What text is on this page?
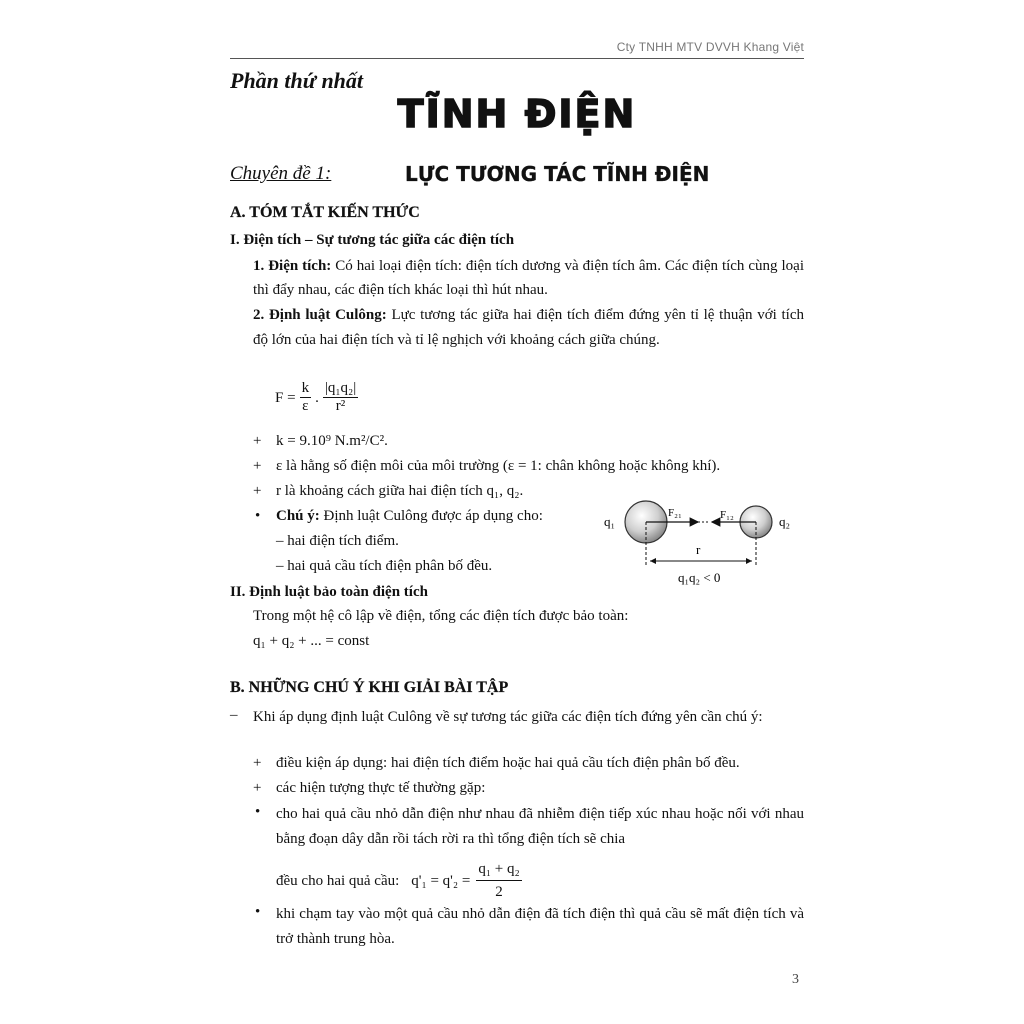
Cty TNHH MTV DVVH Khang Việt
Phần thứ nhất
TĨNH ĐIỆN
Chuyên đề 1:	LỰC TƯƠNG TÁC TĨNH ĐIỆN
A. TÓM TẮT KIẾN THỨC
I. Điện tích – Sự tương tác giữa các điện tích
1. Điện tích: Có hai loại điện tích: điện tích dương và điện tích âm. Các điện tích cùng loại thì đẩy nhau, các điện tích khác loại thì hút nhau.
2. Định luật Culông: Lực tương tác giữa hai điện tích điểm đứng yên tỉ lệ thuận với tích độ lớn của hai điện tích và tỉ lệ nghịch với khoảng cách giữa chúng.
$F = \frac{k}{\varepsilon}$ . $\frac{\text{|q₁q₂|}}{\text{r²}}$
+ k = 9.10⁹ N.m²/C².
+ ε là hằng số điện môi của môi trường (ε = 1: chân không hoặc không khí).
+ r là khoảng cách giữa hai điện tích q₁, q₂.
• Chú ý: Định luật Culông được áp dụng cho:
– hai điện tích điểm.
– hai quả cầu tích điện phân bố đều.
q₁	q₂
F₂₁	F₁₂
r
q₁q₂ < 0
II. Định luật bảo toàn điện tích
Trong một hệ cô lập về điện, tổng các điện tích được bảo toàn:
q₁ + q₂ + ... = const
B. NHỮNG CHÚ Ý KHI GIẢI BÀI TẬP
– Khi áp dụng định luật Culông về sự tương tác giữa các điện tích đứng yên cần chú ý:
+ điều kiện áp dụng: hai điện tích điểm hoặc hai quả cầu tích điện phân bố đều.
+ các hiện tượng thực tế thường gặp:
• cho hai quả cầu nhỏ dẫn điện như nhau đã nhiễm điện tiếp xúc nhau hoặc nối với nhau bằng đoạn dây dẫn rồi tách rời ra thì tổng điện tích sẽ chia
đều cho hai quả cầu: $q'_1 = q'_2 = \frac{\text{q₁ + q₂}}{2}$
• khi chạm tay vào một quả cầu nhỏ dẫn điện đã tích điện thì quả cầu sẽ mất điện tích và trở thành trung hòa.
3
